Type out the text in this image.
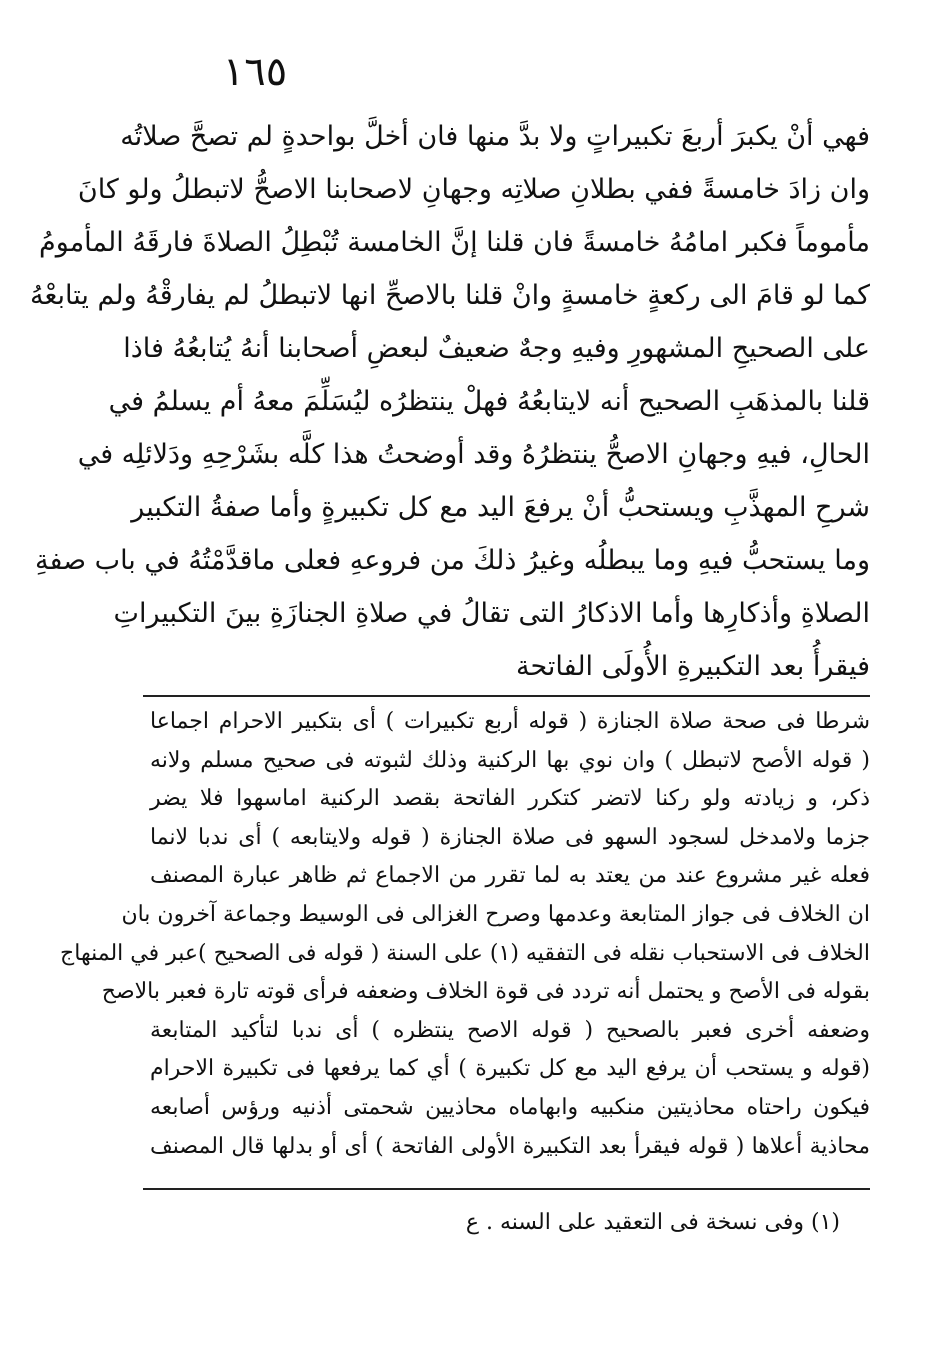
١٦٥
فهي أنْ يكبرَ أربعَ تكبيراتٍ ولا بدَّ منها فان أخلَّ بواحدةٍ لم تصحَّ صلاتُه
وان زادَ خامسةً ففي بطلانِ صلاتِه وجهانِ لاصحابنا الاصحُّ لاتبطلُ ولو كانَ
مأموماً فكبر امامُهُ خامسةً فان قلنا إنَّ الخامسة تُبْطِلُ الصلاةَ فارقَهُ المأمومُ
كما لو قامَ الى ركعةٍ خامسةٍ وانْ قلنا بالاصحِّ انها لاتبطلُ لم يفارقْهُ ولم يتابعْهُ
على الصحيحِ المشهورِ وفيهِ وجهٌ ضعيفٌ لبعضِ أصحابنا أنهُ يُتابعُهُ فاذا
قلنا بالمذهَبِ الصحيح أنه لايتابعُهُ فهلْ ينتظرُه ليُسَلِّمَ معهُ أم يسلمُ في
الحالِ، فيهِ وجهانِ الاصحُّ ينتظرُهُ وقد أوضحتُ هذا كلَّه بشَرْحِهِ ودَلائلِه في
شرحِ المهذَّبِ ويستحبُّ أنْ يرفعَ اليد مع كل تكبيرةٍ وأما صفةُ التكبير
وما يستحبُّ فيهِ وما يبطلُه وغيرُ ذلكَ من فروعهِ فعلى ماقدَّمْتُهُ في باب صفةِ
الصلاةِ وأذكارِها وأما الاذكارُ التى تقالُ في صلاةِ الجنازَةِ بينَ التكبيراتِ
فيقرأُ بعد التكبيرةِ الأُولَى الفاتحة
شرطا فى صحة صلاة الجنازة ( قوله أربع تكبيرات ) أى بتكبير الاحرام اجماعا
( قوله الأصح لاتبطل ) وان نوي بها الركنية وذلك لثبوته فى صحيح مسلم ولانه
ذكر، و زيادته ولو ركنا لاتضر كتكرر الفاتحة بقصد الركنية اماسهوا فلا يضر
جزما ولامدخل لسجود السهو فى صلاة الجنازة ( قوله ولايتابعه ) أى ندبا لانما
فعله غير مشروع عند من يعتد به لما تقرر من الاجماع ثم ظاهر عبارة المصنف
ان الخلاف فى جواز المتابعة وعدمها وصرح الغزالى فى الوسيط وجماعة آخرون بان
الخلاف فى الاستحباب نقله فى التفقيه (١) على السنة ( قوله فى الصحيح )عبر في المنهاج
بقوله فى الأصح و يحتمل أنه تردد فى قوة الخلاف وضعفه فرأى قوته تارة فعبر بالاصح
وضعفه أخرى فعبر بالصحيح ( قوله الاصح ينتظره ) أى ندبا لتأكيد المتابعة
(قوله و يستحب أن يرفع اليد مع كل تكبيرة ) أي كما يرفعها فى تكبيرة الاحرام
فيكون راحتاه محاذيتين منكبيه وابهاماه محاذيين شحمتى أذنيه ورؤس أصابعه
محاذية أعلاها ( قوله فيقرأ بعد التكبيرة الأولى الفاتحة ) أى أو بدلها قال المصنف
(١) وفى نسخة فى التعقيد على السنه . ع
